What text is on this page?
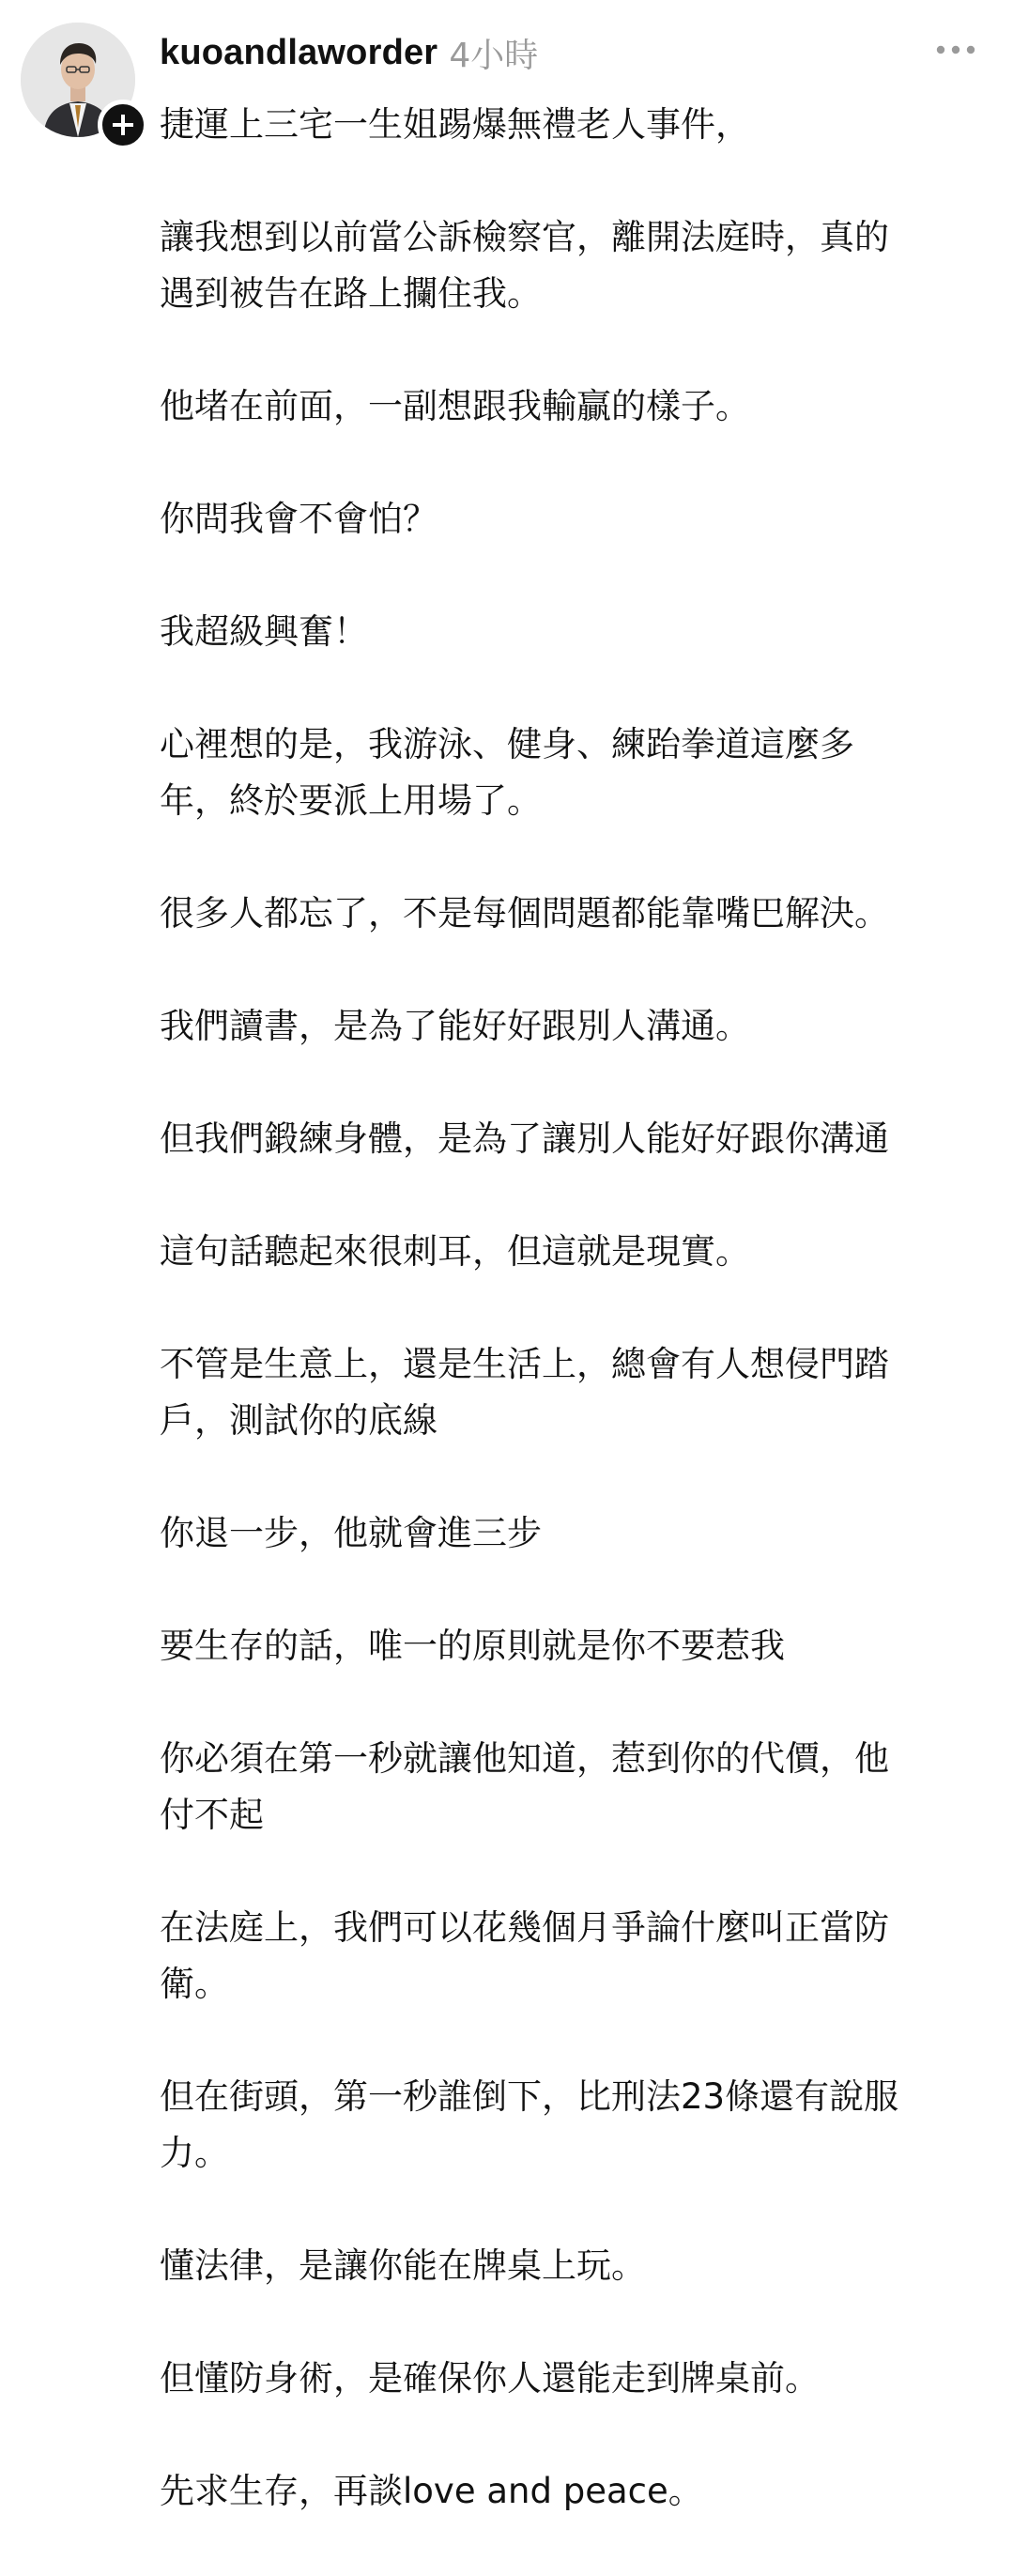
kuoandlaworder 4小時

捷運上三宅一生姐踢爆無禮老人事件，

讓我想到以前當公訴檢察官，離開法庭時，真的
遇到被告在路上攔住我。

他堵在前面，一副想跟我輸贏的樣子。

你問我會不會怕？

我超級興奮！

心裡想的是，我游泳、健身、練跆拳道這麼多
年，終於要派上用場了。

很多人都忘了，不是每個問題都能靠嘴巴解決。

我們讀書，是為了能好好跟別人溝通。

但我們鍛練身體，是為了讓別人能好好跟你溝通

這句話聽起來很刺耳，但這就是現實。

不管是生意上，還是生活上，總會有人想侵門踏
戶，測試你的底線

你退一步，他就會進三步

要生存的話，唯一的原則就是你不要惹我

你必須在第一秒就讓他知道，惹到你的代價，他
付不起

在法庭上，我們可以花幾個月爭論什麼叫正當防
衛。

但在街頭，第一秒誰倒下，比刑法23條還有說服
力。

懂法律，是讓你能在牌桌上玩。

但懂防身術，是確保你人還能走到牌桌前。

先求生存，再談love and peace。
